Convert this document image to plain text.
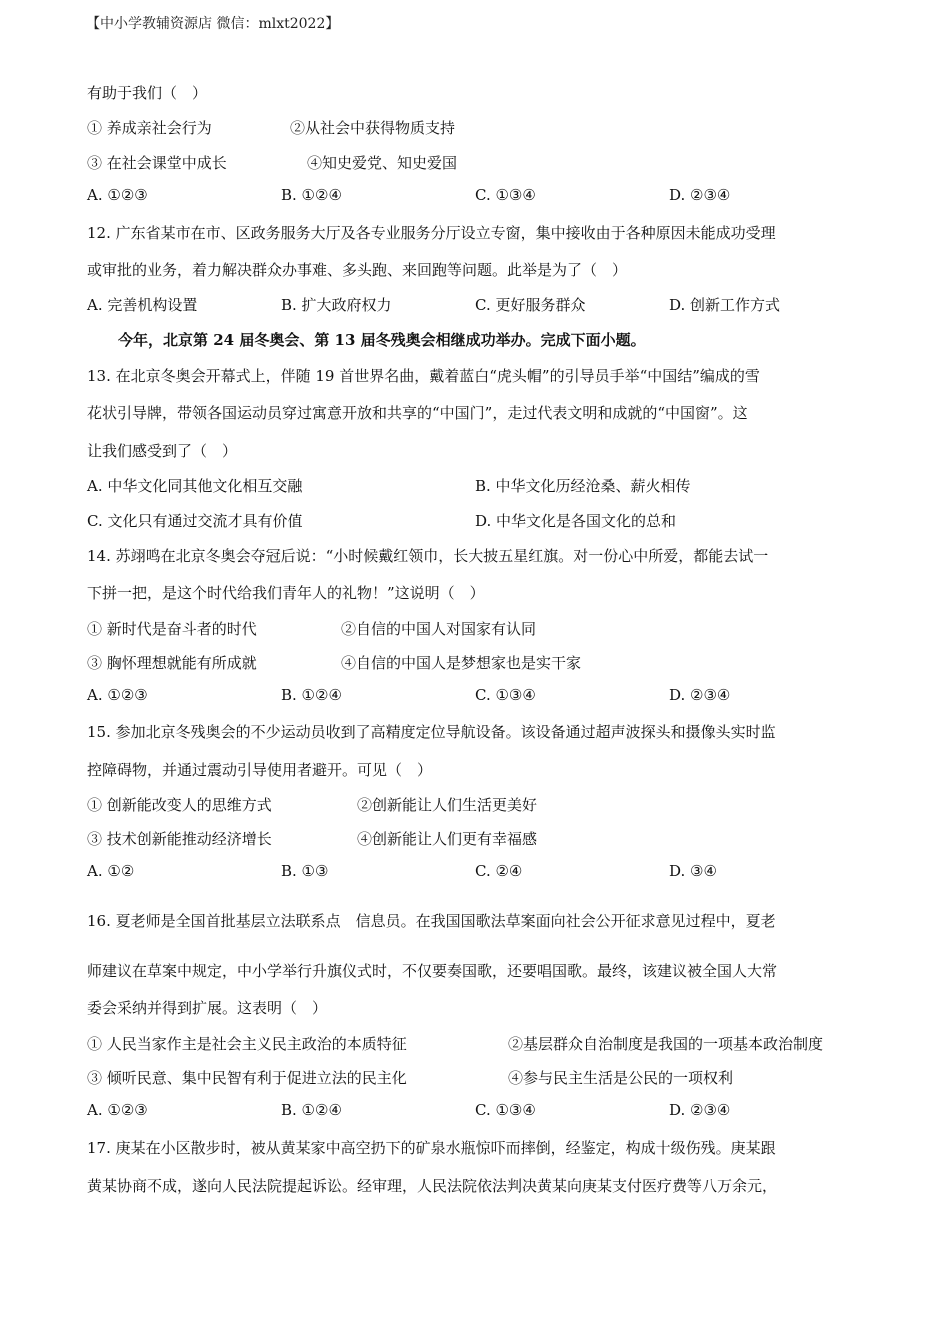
【中小学教辅资源店 微信：mlxt2022】
有助于我们（　）
① 养成亲社会行为	②从社会中获得物质支持
③ 在社会课堂中成长	④知史爱党、知史爱国
A. ①②③	B. ①②④	C. ①③④	D. ②③④
12. 广东省某市在市、区政务服务大厅及各专业服务分厅设立专窗，集中接收由于各种原因未能成功受理
或审批的业务，着力解决群众办事难、多头跑、来回跑等问题。此举是为了（　）
A. 完善机构设置	B. 扩大政府权力	C. 更好服务群众	D. 创新工作方式
今年，北京第 24 届冬奥会、第 13 届冬残奥会相继成功举办。完成下面小题。
13. 在北京冬奥会开幕式上，伴随 19 首世界名曲，戴着蓝白“虎头帽”的引导员手举“中国结”编成的雪
花状引导牌，带领各国运动员穿过寓意开放和共享的“中国门”，走过代表文明和成就的“中国窗”。这
让我们感受到了（　）
A. 中华文化同其他文化相互交融	B. 中华文化历经沧桑、薪火相传
C. 文化只有通过交流才具有价值	D. 中华文化是各国文化的总和
14. 苏翊鸣在北京冬奥会夺冠后说：“小时候戴红领巾，长大披五星红旗。对一份心中所爱，都能去试一
下拼一把，是这个时代给我们青年人的礼物！”这说明（　）
① 新时代是奋斗者的时代	②自信的中国人对国家有认同
③ 胸怀理想就能有所成就	④自信的中国人是梦想家也是实干家
A. ①②③	B. ①②④	C. ①③④	D. ②③④
15. 参加北京冬残奥会的不少运动员收到了高精度定位导航设备。该设备通过超声波探头和摄像头实时监
控障碍物，并通过震动引导使用者避开。可见（　）
① 创新能改变人的思维方式	②创新能让人们生活更美好
③ 技术创新能推动经济增长	④创新能让人们更有幸福感
A. ①②	B. ①③	C. ②④	D. ③④
16. 夏老师是全国首批基层立法联系点　信息员。在我国国歌法草案面向社会公开征求意见过程中，夏老
师建议在草案中规定，中小学举行升旗仪式时，不仅要奏国歌，还要唱国歌。最终，该建议被全国人大常
委会采纳并得到扩展。这表明（　）
① 人民当家作主是社会主义民主政治的本质特征	②基层群众自治制度是我国的一项基本政治制度
③ 倾听民意、集中民智有利于促进立法的民主化	④参与民主生活是公民的一项权利
A. ①②③	B. ①②④	C. ①③④	D. ②③④
17. 庚某在小区散步时，被从黄某家中高空扔下的矿泉水瓶惊吓而摔倒，经鉴定，构成十级伤残。庚某跟
黄某协商不成，遂向人民法院提起诉讼。经审理，人民法院依法判决黄某向庚某支付医疗费等八万余元，
